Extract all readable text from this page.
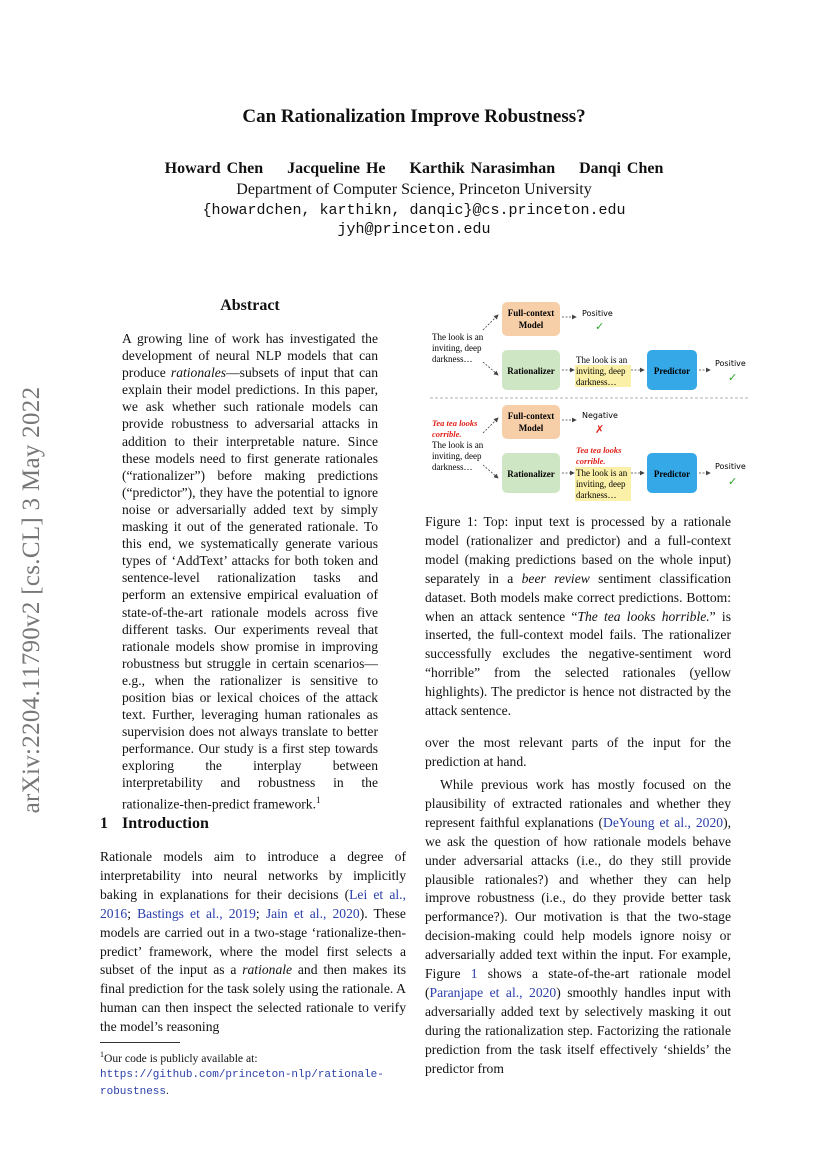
arXiv:2204.11790v2 [cs.CL] 3 May 2022
Can Rationalization Improve Robustness?
Howard Chen Jacqueline He Karthik Narasimhan Danqi Chen
Department of Computer Science, Princeton University
{howardchen, karthikn, danqic}@cs.princeton.edu
jyh@princeton.edu
Abstract
A growing line of work has investigated the development of neural NLP models that can produce rationales—subsets of input that can explain their model predictions. In this paper, we ask whether such rationale models can provide robustness to adversarial attacks in addition to their interpretable nature. Since these models need to first generate rationales (“rationalizer”) before making predictions (“predictor”), they have the potential to ignore noise or adversarially added text by simply masking it out of the generated rationale. To this end, we systematically generate various types of ‘AddText’ attacks for both token and sentence-level rationalization tasks and perform an extensive empirical evaluation of state-of-the-art rationale models across five different tasks. Our experiments reveal that rationale models show promise in improving robustness but struggle in certain scenarios—e.g., when the rationalizer is sensitive to position bias or lexical choices of the attack text. Further, leveraging human rationales as supervision does not always translate to better performance. Our study is a first step towards exploring the interplay between interpretability and robustness in the rationalize-then-predict framework.$^1$
1 Introduction
Rationale models aim to introduce a degree of interpretability into neural networks by implicitly baking in explanations for their decisions (Lei et al., 2016; Bastings et al., 2019; Jain et al., 2020). These models are carried out in a two-stage ‘rationalize-then-predict’ framework, where the model first selects a subset of the input as a rationale and then makes its final prediction for the task solely using the rationale. A human can then inspect the selected rationale to verify the model’s reasoning
$^1$Our code is publicly available at: https://github.com/princeton-nlp/rationale-robustness.
The look is an
inviting, deep
darkness…
Full-context
Model
Positive
✓
Rationalizer
The look is an
inviting, deep
darkness…
Predictor
Positive
✓
Tea tea looks
corrible.
The look is an
inviting, deep
darkness…
Full-context
Model
Negative
✗
Rationalizer
Tea tea looks
corrible.
The look is an
inviting, deep
darkness…
Predictor
Positive
✓
Figure 1: Top: input text is processed by a rationale model (rationalizer and predictor) and a full-context model (making predictions based on the whole input) separately in a beer review sentiment classification dataset. Both models make correct predictions. Bottom: when an attack sentence “The tea looks horrible.” is inserted, the full-context model fails. The rationalizer successfully excludes the negative-sentiment word “horrible” from the selected rationales (yellow highlights). The predictor is hence not distracted by the attack sentence.
over the most relevant parts of the input for the prediction at hand.
While previous work has mostly focused on the plausibility of extracted rationales and whether they represent faithful explanations (DeYoung et al., 2020), we ask the question of how rationale models behave under adversarial attacks (i.e., do they still provide plausible rationales?) and whether they can help improve robustness (i.e., do they provide better task performance?). Our motivation is that the two-stage decision-making could help models ignore noisy or adversarially added text within the input. For example, Figure 1 shows a state-of-the-art rationale model (Paranjape et al., 2020) smoothly handles input with adversarially added text by selectively masking it out during the rationalization step. Factorizing the rationale prediction from the task itself effectively ‘shields’ the predictor from
